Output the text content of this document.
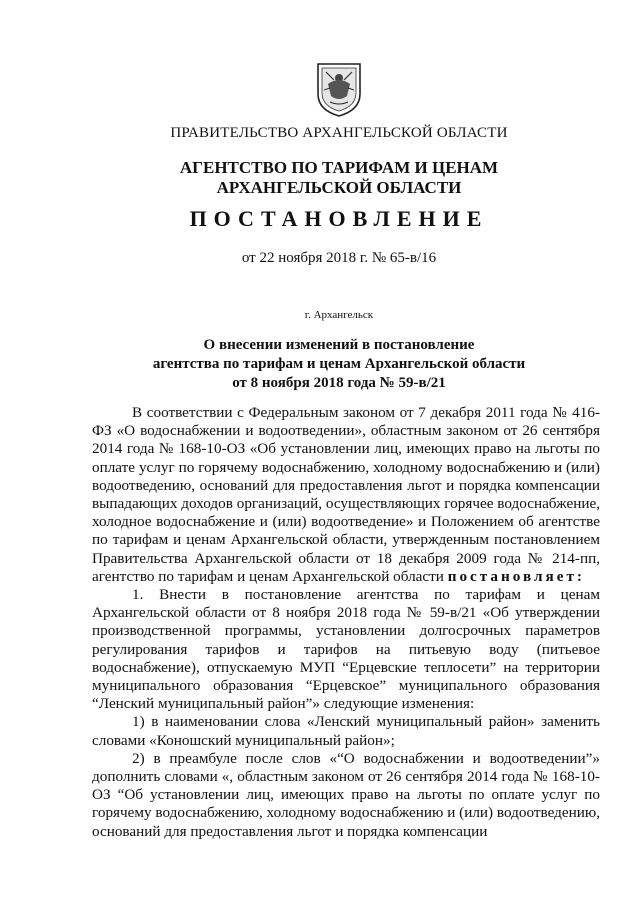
ПРАВИТЕЛЬСТВО АРХАНГЕЛЬСКОЙ ОБЛАСТИ
АГЕНТСТВО ПО ТАРИФАМ И ЦЕНАМ
АРХАНГЕЛЬСКОЙ ОБЛАСТИ
ПОСТАНОВЛЕНИЕ
от 22 ноября 2018 г. № 65-в/16
г. Архангельск
О внесении изменений в постановление
агентства по тарифам и ценам Архангельской области
от 8 ноября 2018 года № 59-в/21

В соответствии с Федеральным законом от 7 декабря 2011 года № 416-ФЗ «О водоснабжении и водоотведении», областным законом от 26 сентября 2014 года № 168-10-ОЗ «Об установлении лиц, имеющих право на льготы по оплате услуг по горячему водоснабжению, холодному водоснабжению и (или) водоотведению, оснований для предоставления льгот и порядка компенсации выпадающих доходов организаций, осуществляющих горячее водоснабжение, холодное водоснабжение и (или) водоотведение» и Положением об агентстве по тарифам и ценам Архангельской области, утвержденным постановлением Правительства Архангельской области от 18 декабря 2009 года № 214-пп, агентство по тарифам и ценам Архангельской области постановляет:

1. Внести в постановление агентства по тарифам и ценам Архангельской области от 8 ноября 2018 года № 59-в/21 «Об утверждении производственной программы, установлении долгосрочных параметров регулирования тарифов и тарифов на питьевую воду (питьевое водоснабжение), отпускаемую МУП “Ерцевские теплосети” на территории муниципального образования “Ерцевское” муниципального образования “Ленский муниципальный район”» следующие изменения:

1) в наименовании слова «Ленский муниципальный район» заменить словами «Коношский муниципальный район»;

2) в преамбуле после слов «“О водоснабжении и водоотведении”» дополнить словами «, областным законом от 26 сентября 2014 года № 168-10-ОЗ “Об установлении лиц, имеющих право на льготы по оплате услуг по горячему водоснабжению, холодному водоснабжению и (или) водоотведению, оснований для предоставления льгот и порядка компенсации
